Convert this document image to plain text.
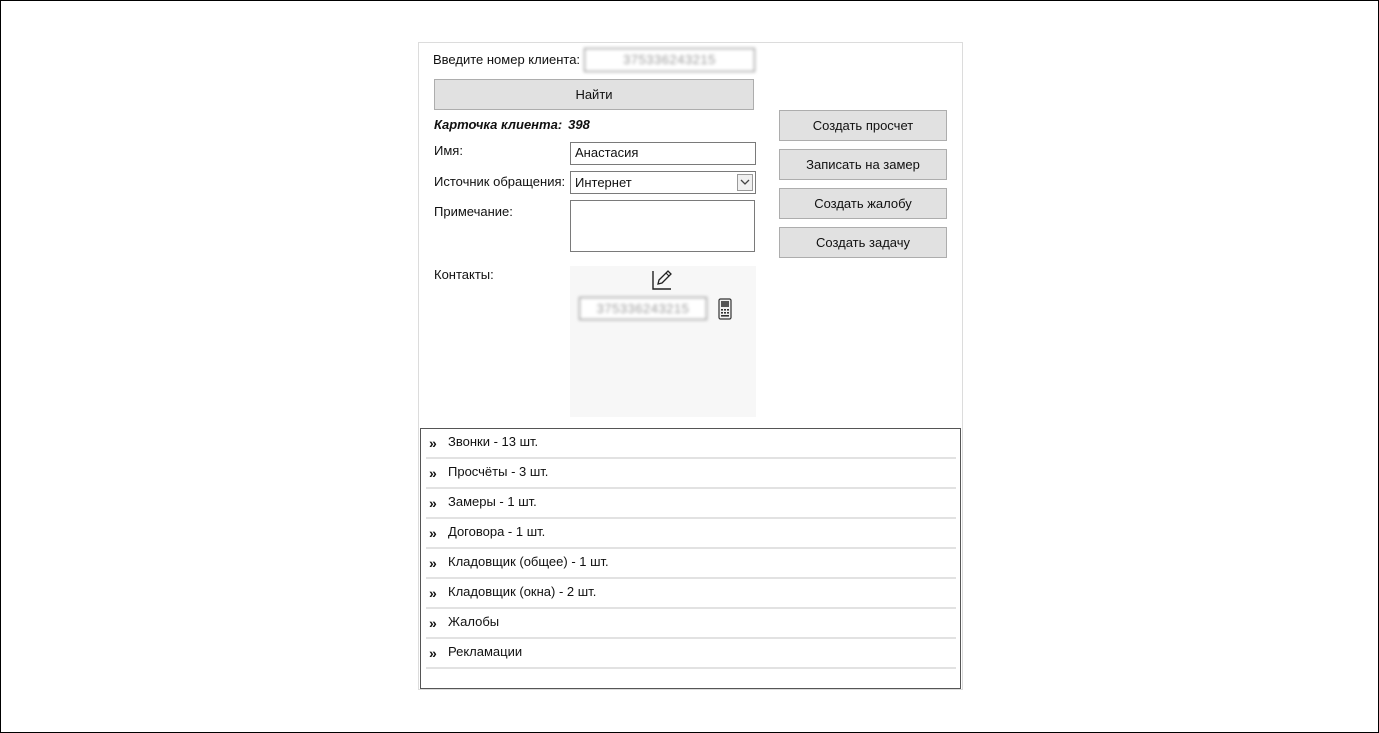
Введите номер клиента:	375336243215
Найти
Карточка клиента: 398
Имя:	Анастасия
Источник обращения: Интернет
Примечание:
Контакты:
375336243215
Создать просчет
Записать на замер
Создать жалобу
Создать задачу
» Звонки - 13 шт.
» Просчёты - 3 шт.
» Замеры - 1 шт.
» Договора - 1 шт.
» Кладовщик (общее) - 1 шт.
» Кладовщик (окна) - 2 шт.
» Жалобы
» Рекламации
